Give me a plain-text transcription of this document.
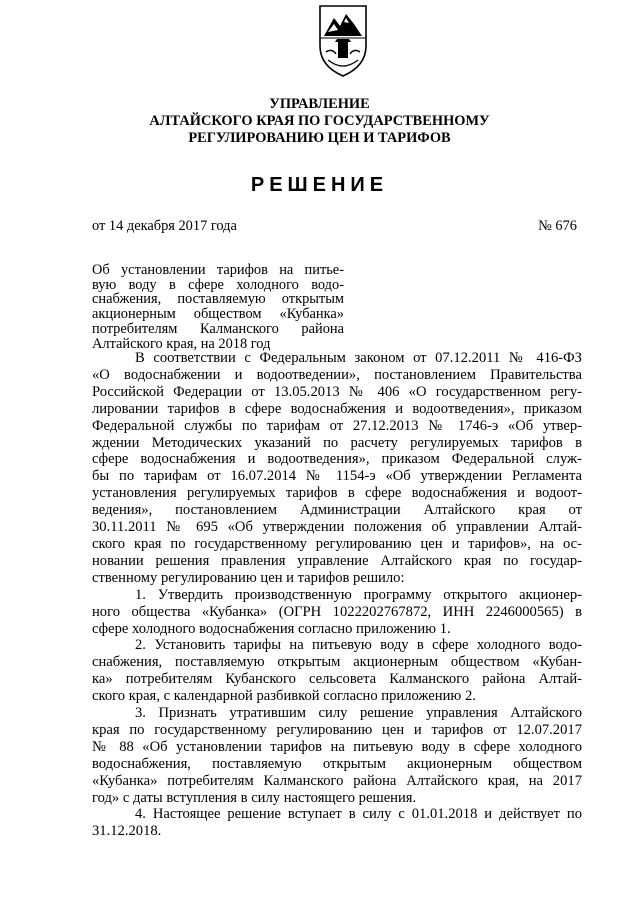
УПРАВЛЕНИЕ
АЛТАЙСКОГО КРАЯ ПО ГОСУДАРСТВЕННОМУ
РЕГУЛИРОВАНИЮ ЦЕН И ТАРИФОВ
РЕШЕНИЕ
от 14 декабря 2017 года	№ 676
Об установлении тарифов на питье-
вую воду в сфере холодного водо-
снабжения, поставляемую открытым
акционерным обществом «Кубанка»
потребителям Калманского района
Алтайского края, на 2018 год
В соответствии с Федеральным законом от 07.12.2011 № 416-ФЗ
«О водоснабжении и водоотведении», постановлением Правительства
Российской Федерации от 13.05.2013 № 406 «О государственном регу-
лировании тарифов в сфере водоснабжения и водоотведения», приказом
Федеральной службы по тарифам от 27.12.2013 № 1746-э «Об утвер-
ждении Методических указаний по расчету регулируемых тарифов в
сфере водоснабжения и водоотведения», приказом Федеральной служ-
бы по тарифам от 16.07.2014 № 1154-э «Об утверждении Регламента
установления регулируемых тарифов в сфере водоснабжения и водоот-
ведения», постановлением Администрации Алтайского края от
30.11.2011 № 695 «Об утверждении положения об управлении Алтай-
ского края по государственному регулированию цен и тарифов», на ос-
новании решения правления управление Алтайского края по государ-
ственному регулированию цен и тарифов решило:
1. Утвердить производственную программу открытого акционер-
ного общества «Кубанка» (ОГРН 1022202767872, ИНН 2246000565) в
сфере холодного водоснабжения согласно приложению 1.
2. Установить тарифы на питьевую воду в сфере холодного водо-
снабжения, поставляемую открытым акционерным обществом «Кубан-
ка» потребителям Кубанского сельсовета Калманского района Алтай-
ского края, с календарной разбивкой согласно приложению 2.
3. Признать утратившим силу решение управления Алтайского
края по государственному регулированию цен и тарифов от 12.07.2017
№ 88 «Об установлении тарифов на питьевую воду в сфере холодного
водоснабжения, поставляемую открытым акционерным обществом
«Кубанка» потребителям Калманского района Алтайского края, на 2017
год» с даты вступления в силу настоящего решения.
4. Настоящее решение вступает в силу с 01.01.2018 и действует по
31.12.2018.
